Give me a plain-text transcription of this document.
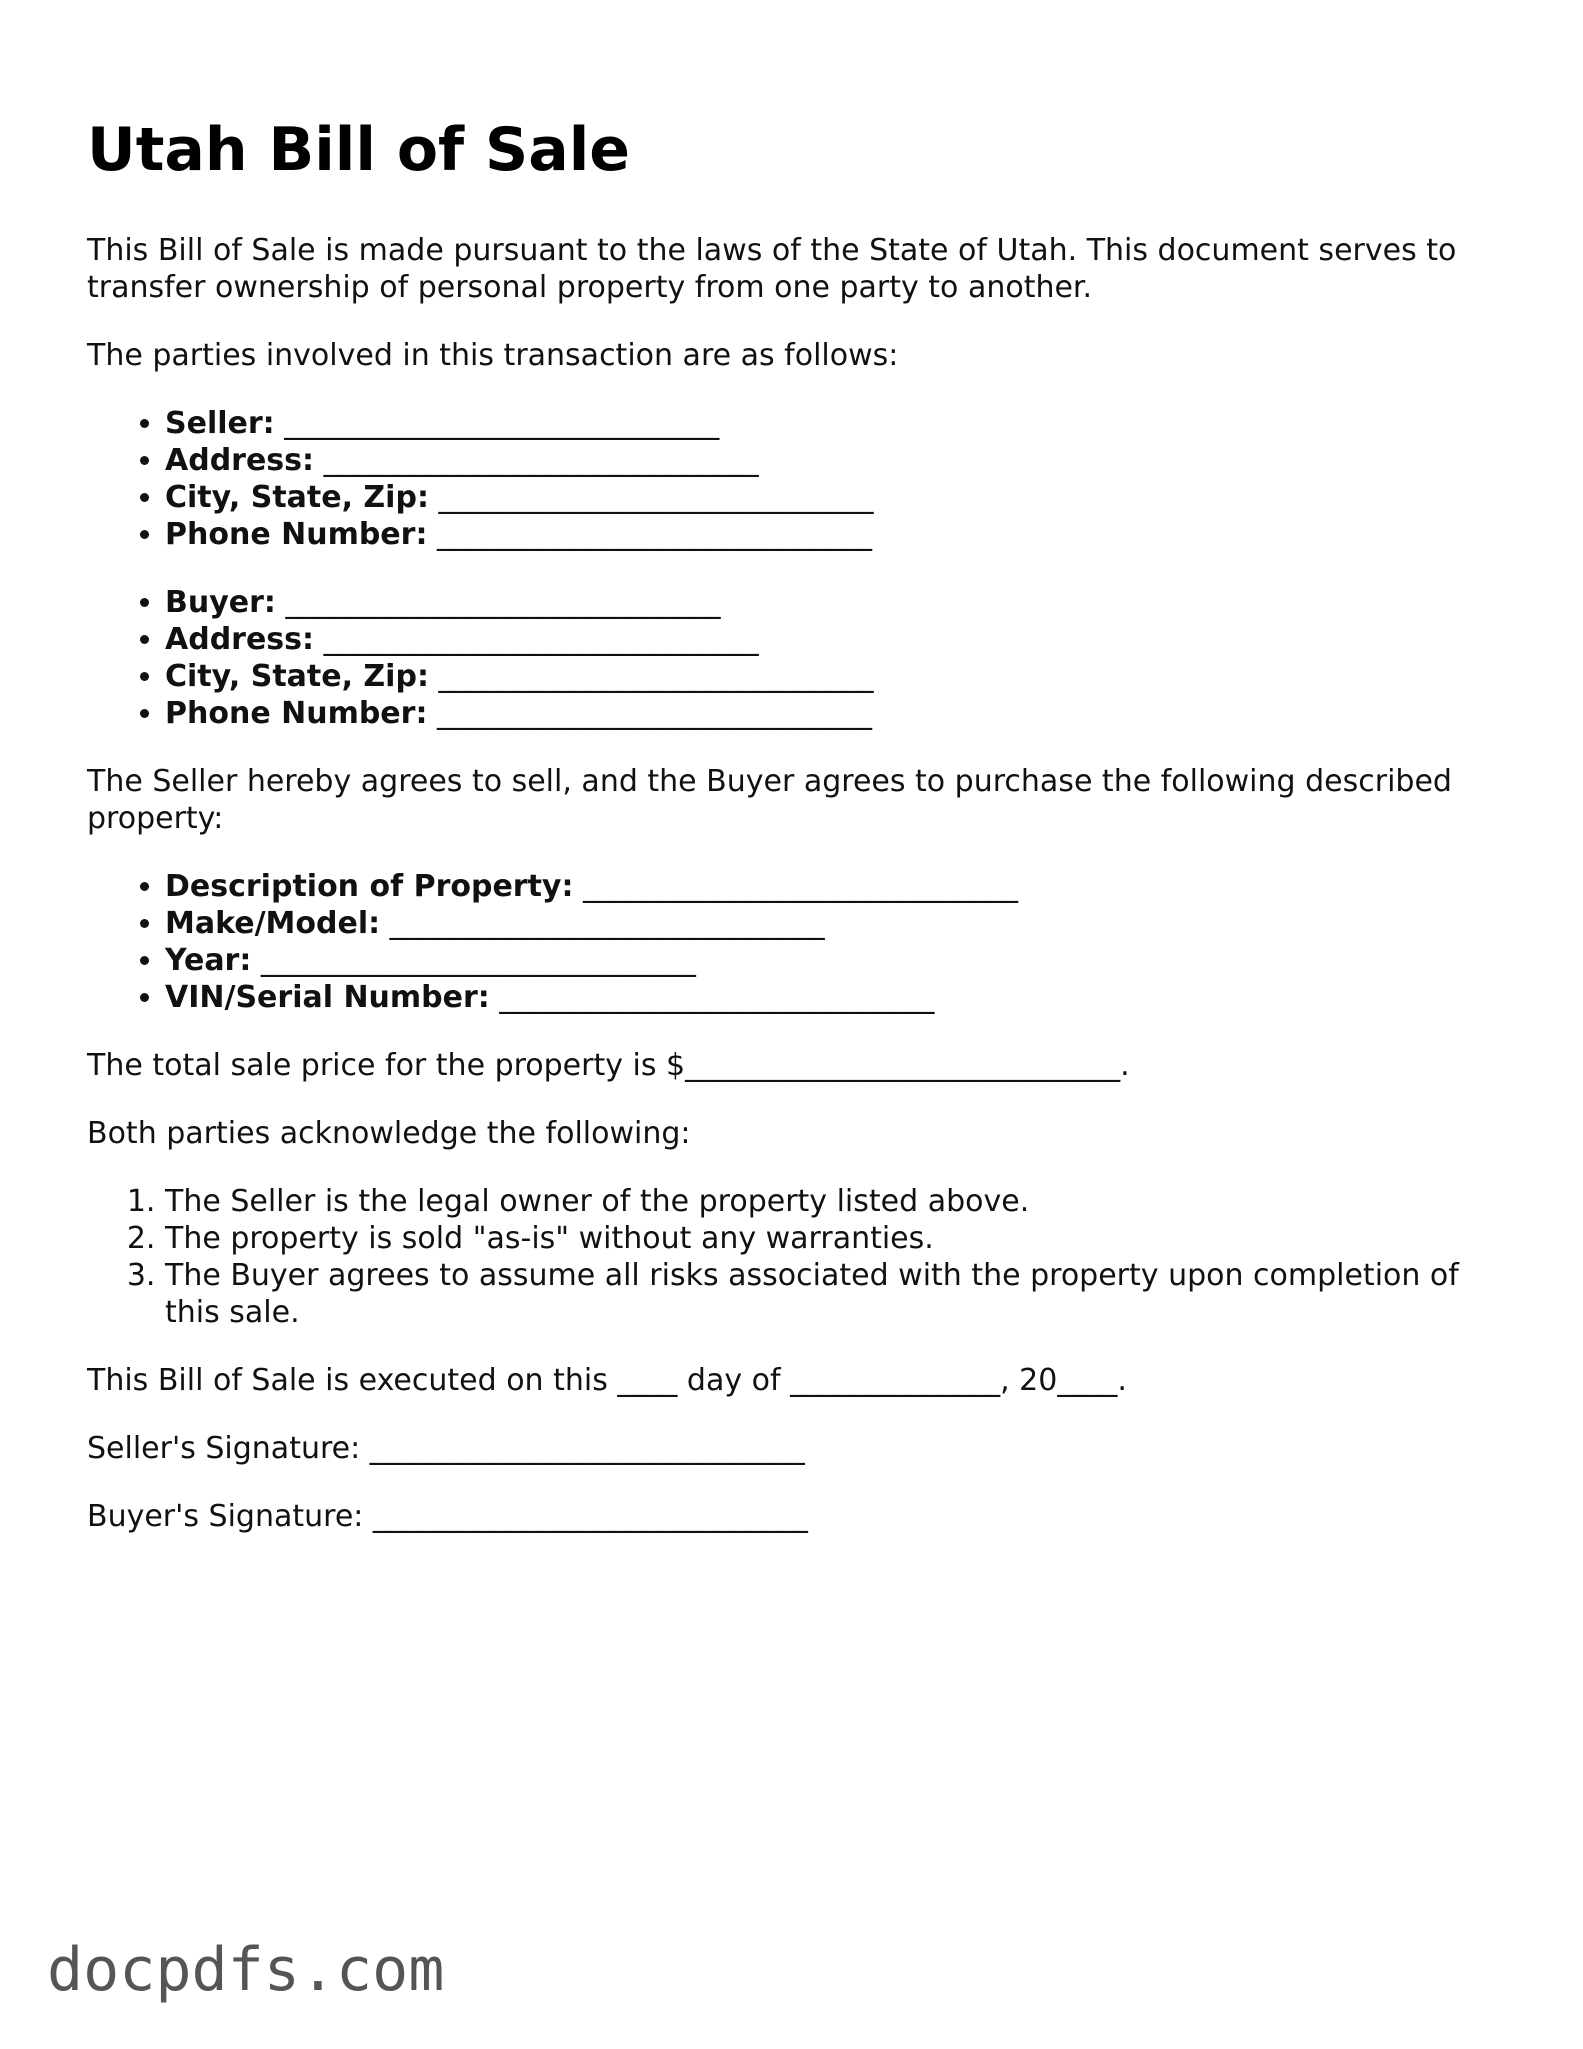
Utah Bill of Sale

This Bill of Sale is made pursuant to the laws of the State of Utah. This document serves to transfer ownership of personal property from one party to another.

The parties involved in this transaction are as follows:

• Seller: _____________________________
• Address: _____________________________
• City, State, Zip: _____________________________
• Phone Number: _____________________________
• Buyer: _____________________________
• Address: _____________________________
• City, State, Zip: _____________________________
• Phone Number: _____________________________

The Seller hereby agrees to sell, and the Buyer agrees to purchase the following described property:

• Description of Property: _____________________________
• Make/Model: _____________________________
• Year: _____________________________
• VIN/Serial Number: _____________________________

The total sale price for the property is $_____________________________.

Both parties acknowledge the following:

1. The Seller is the legal owner of the property listed above.
2. The property is sold "as-is" without any warranties.
3. The Buyer agrees to assume all risks associated with the property upon completion of this sale.

This Bill of Sale is executed on this ____ day of ______________, 20____.

Seller's Signature: _____________________________

Buyer's Signature: _____________________________

docpdfs.com
